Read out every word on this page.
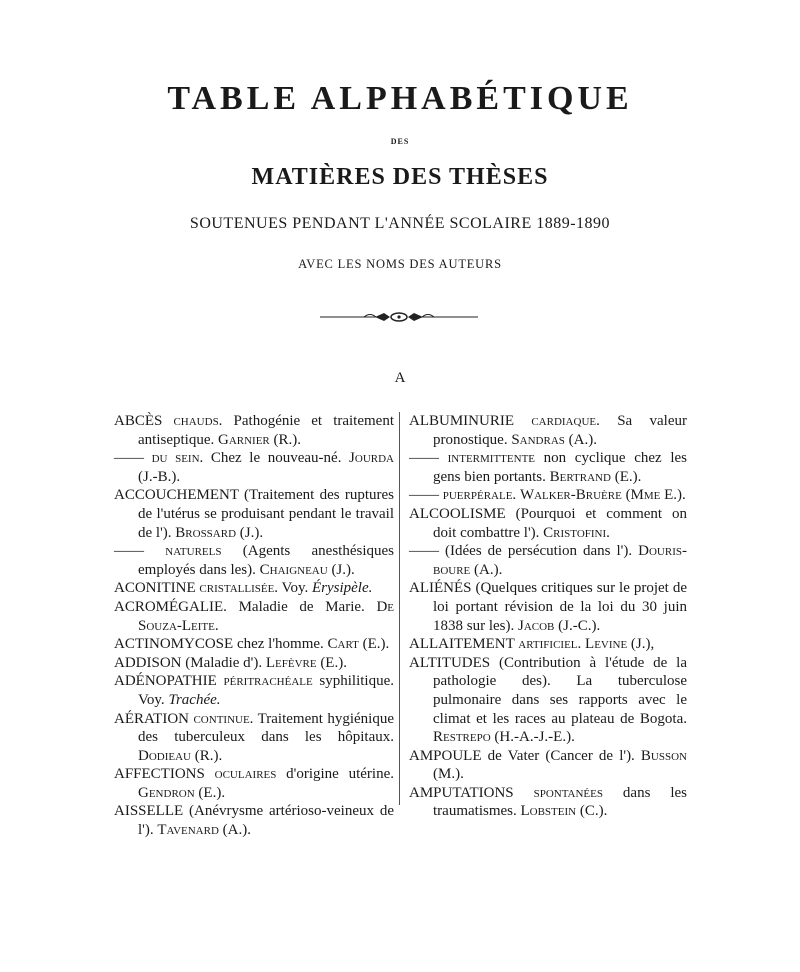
TABLE ALPHABÉTIQUE
DES
MATIÈRES DES THÈSES
SOUTENUES PENDANT L'ANNÉE SCOLAIRE 1889-1890
AVEC LES NOMS DES AUTEURS
A

ABCÈS chauds. Pathogénie et traitement antiseptique. Garnier (R.).

—— du sein. Chez le nouveau-né. Jourda (J.-B.).

ACCOUCHEMENT (Traitement des ruptures de l'utérus se produisant pendant le travail de l'). Brossard (J.).

—— naturels (Agents anesthésiques employés dans les). Chaigneau (J.).

ACONITINE cristallisée. Voy. Érysipèle.

ACROMÉGALIE. Maladie de Marie. De Souza-Leite.

ACTINOMYCOSE chez l'homme. Cart (E.).

ADDISON (Maladie d'). Lefèvre (E.).

ADÉNOPATHIE péritrachéale syphilitique. Voy. Trachée.

AÉRATION continue. Traitement hygiénique des tuberculeux dans les hôpitaux. Dodieau (R.).

AFFECTIONS oculaires d'origine utérine. Gendron (E.).

AISSELLE (Anévrysme artérioso-veineux de l'). Tavenard (A.).

ALBUMINURIE cardiaque. Sa valeur pronostique. Sandras (A.).

—— intermittente non cyclique chez les gens bien portants. Bertrand (E.).

—— puerpérale. Walker-Bruère (Mme E.).

ALCOOLISME (Pourquoi et comment on doit combattre l'). Cristofini.

—— (Idées de persécution dans l'). Douris-boure (A.).

ALIÉNÉS (Quelques critiques sur le projet de loi portant révision de la loi du 30 juin 1838 sur les). Jacob (J.-C.).

ALLAITEMENT artificiel. Levine (J.),

ALTITUDES (Contribution à l'étude de la pathologie des). La tuberculose pulmonaire dans ses rapports avec le climat et les races au plateau de Bogota. Restrepo (H.-A.-J.-E.).

AMPOULE de Vater (Cancer de l'). Busson (M.).

AMPUTATIONS spontanées dans les traumatismes. Lobstein (C.).
